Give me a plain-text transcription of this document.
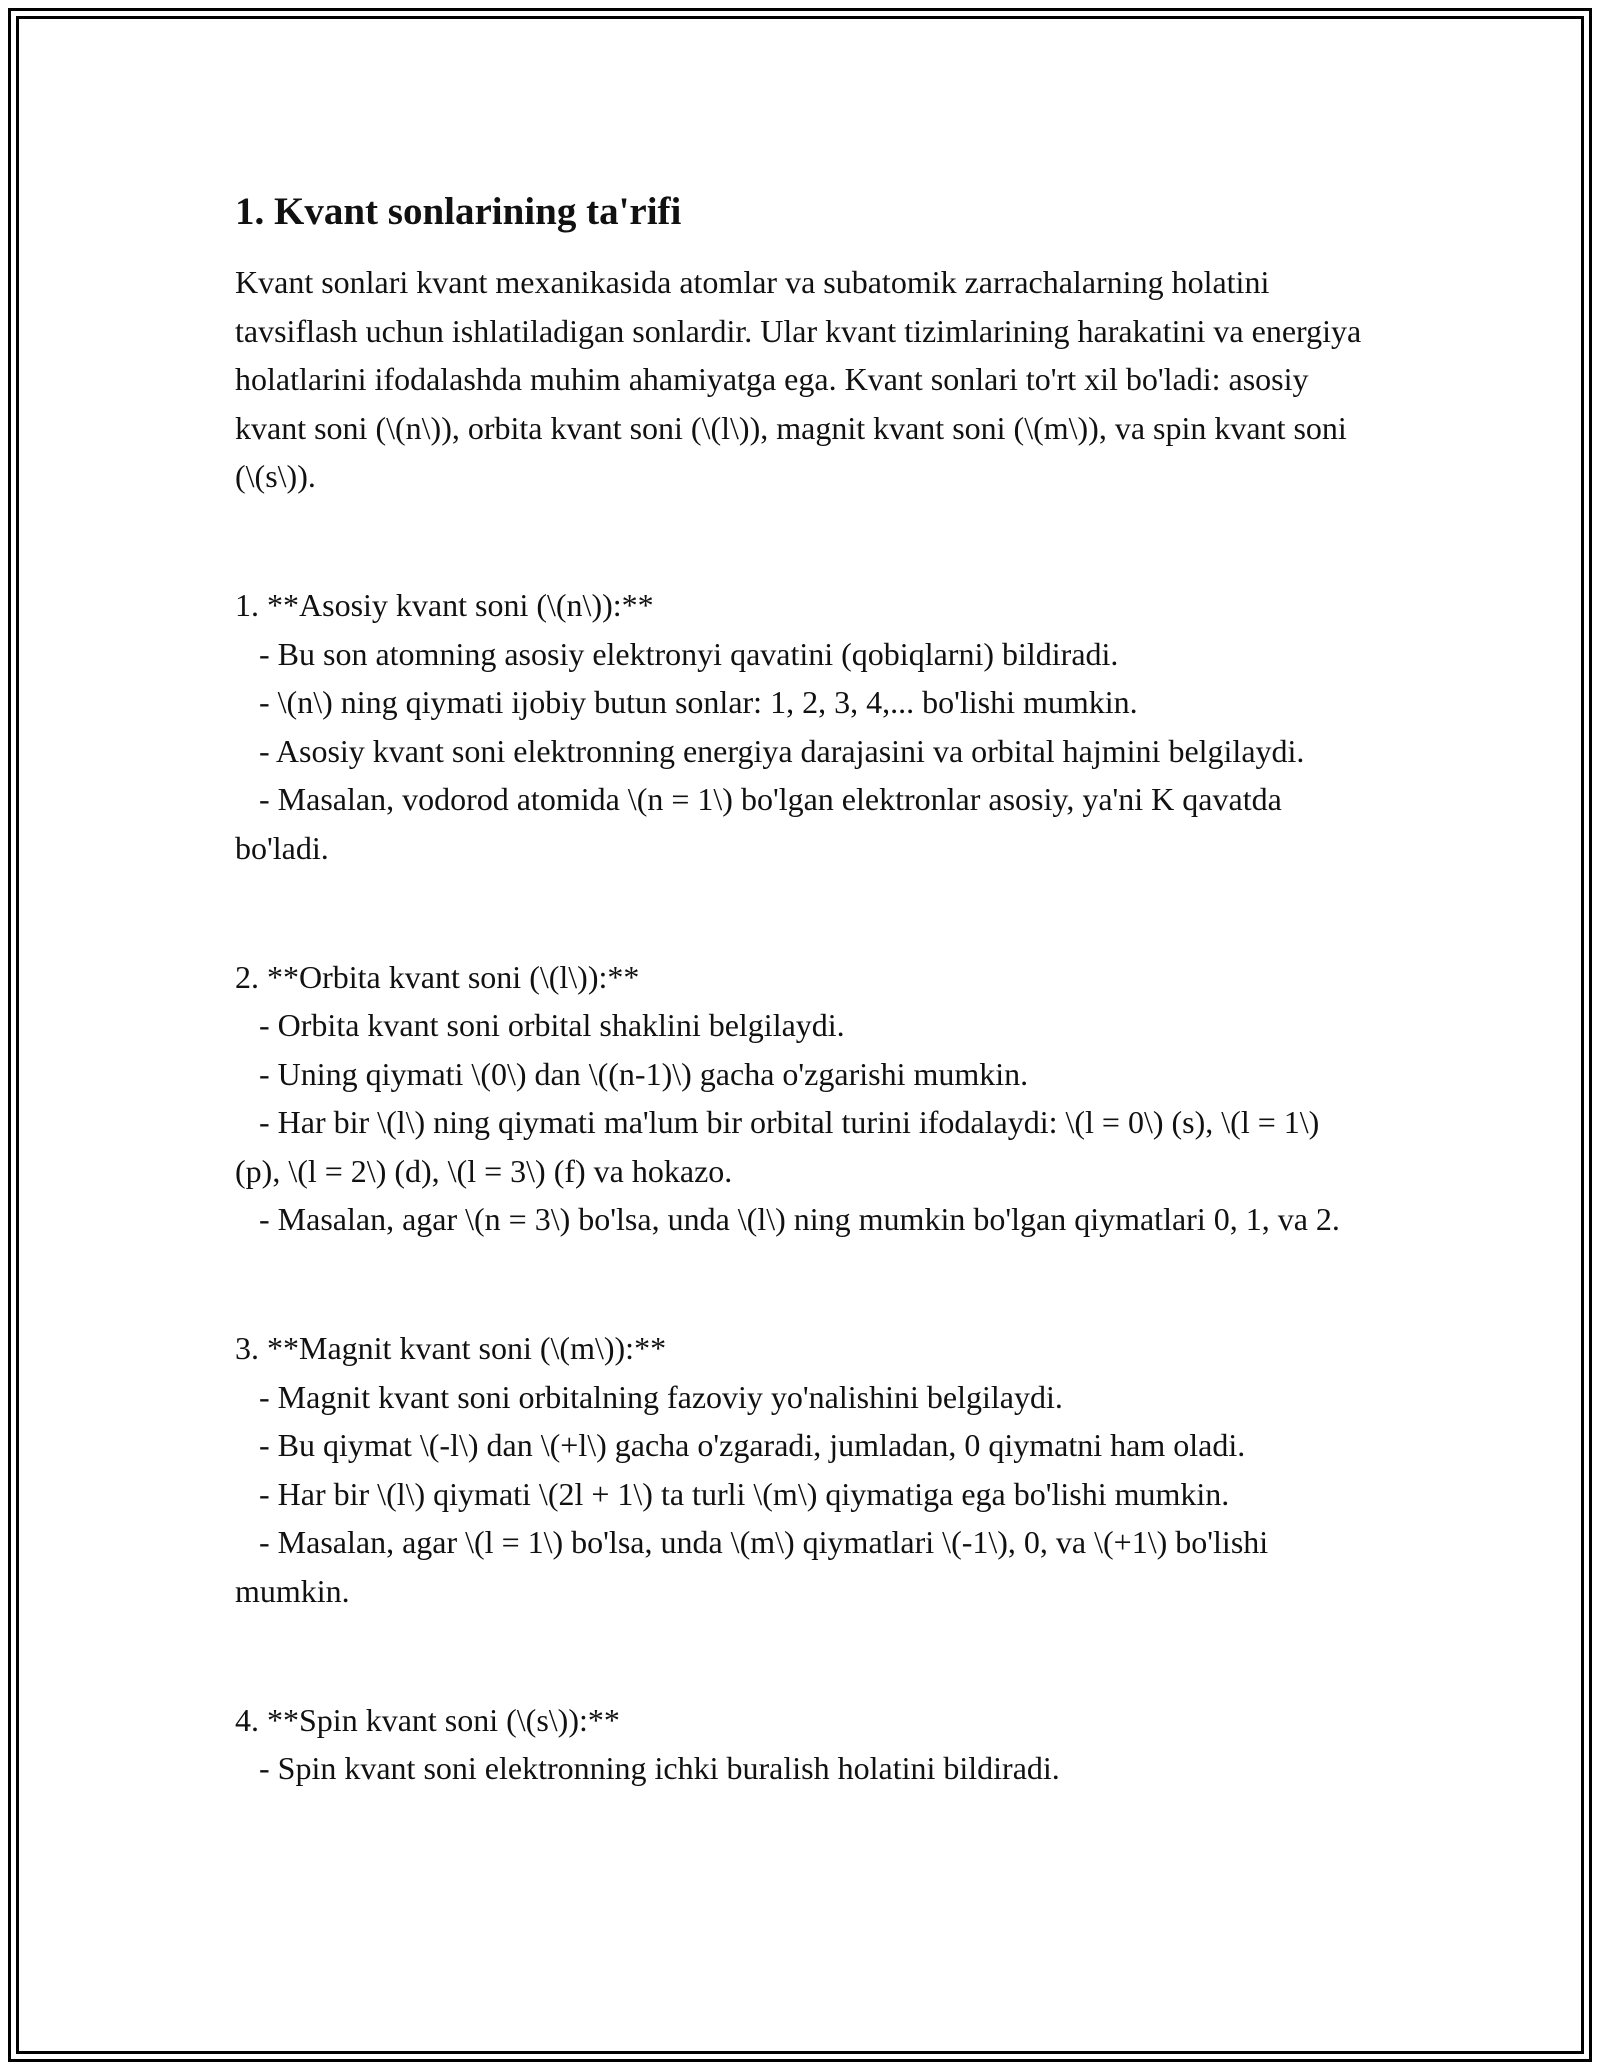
1. Kvant sonlarining ta'rifi

Kvant sonlari kvant mexanikasida atomlar va subatomik zarrachalarning holatini tavsiflash uchun ishlatiladigan sonlardir. Ular kvant tizimlarining harakatini va energiya holatlarini ifodalashda muhim ahamiyatga ega. Kvant sonlari to'rt xil bo'ladi: asosiy kvant soni (\(n\)), orbita kvant soni (\(l\)), magnit kvant soni (\(m\)), va spin kvant soni (\(s\)).

1. **Asosiy kvant soni (\(n\)):**

- Bu son atomning asosiy elektronyi qavatini (qobiqlarni) bildiradi.

- \(n\) ning qiymati ijobiy butun sonlar: 1, 2, 3, 4,... bo'lishi mumkin.

- Asosiy kvant soni elektronning energiya darajasini va orbital hajmini belgilaydi.

- Masalan, vodorod atomida \(n = 1\) bo'lgan elektronlar asosiy, ya'ni K qavatda bo'ladi.

2. **Orbita kvant soni (\(l\)):**

- Orbita kvant soni orbital shaklini belgilaydi.

- Uning qiymati \(0\) dan \((n-1)\) gacha o'zgarishi mumkin.

- Har bir \(l\) ning qiymati ma'lum bir orbital turini ifodalaydi: \(l = 0\) (s), \(l = 1\) (p), \(l = 2\) (d), \(l = 3\) (f) va hokazo.

- Masalan, agar \(n = 3\) bo'lsa, unda \(l\) ning mumkin bo'lgan qiymatlari 0, 1, va 2.

3. **Magnit kvant soni (\(m\)):**

- Magnit kvant soni orbitalning fazoviy yo'nalishini belgilaydi.

- Bu qiymat \(-l\) dan \(+l\) gacha o'zgaradi, jumladan, 0 qiymatni ham oladi.

- Har bir \(l\) qiymati \(2l + 1\) ta turli \(m\) qiymatiga ega bo'lishi mumkin.

- Masalan, agar \(l = 1\) bo'lsa, unda \(m\) qiymatlari \(-1\), 0, va \(+1\) bo'lishi mumkin.

4. **Spin kvant soni (\(s\)):**

- Spin kvant soni elektronning ichki buralish holatini bildiradi.
